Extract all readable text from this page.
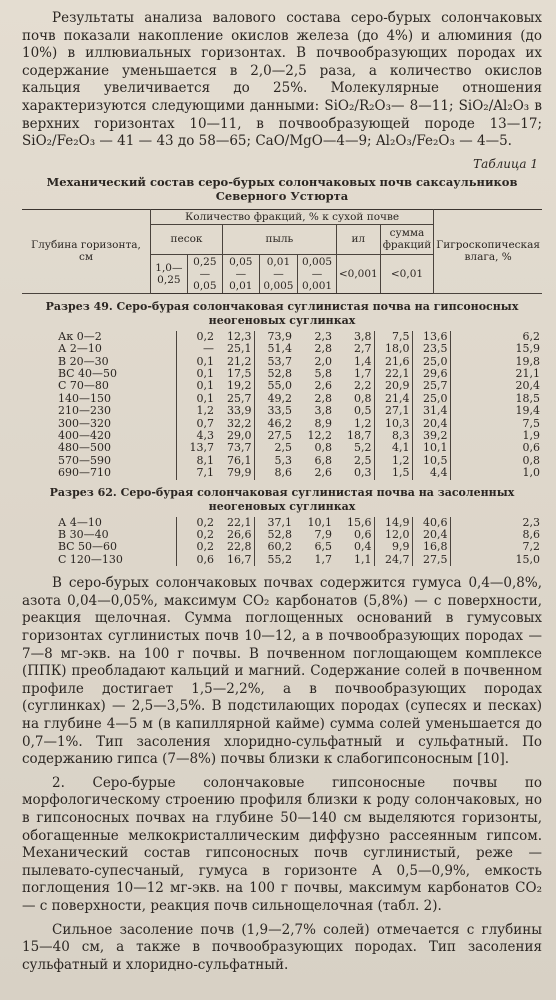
Результаты анализа валового состава серо-бурых солончаковых почв показали накопление окислов железа (до 4%) и алюминия (до 10%) в иллювиальных горизонтах. В почвообразующих породах их содержание уменьшается в 2,0—2,5 раза, а количество окислов кальция увеличивается до 25%. Молекулярные отношения характеризуются следующими данными: SiO₂/R₂O₃— 8—11; SiO₂/Al₂O₃ в верхних горизонтах 10—11, в почвообразующей породе 13—17; SiO₂/Fe₂O₃ — 41 — 43 до 58—65; CaO/MgO—4—9; Al₂O₃/Fe₂O₃ — 4—5.

Таблица 1
Механический состав серо-бурых солончаковых почв саксаульников
Северного Устюрта
Глубина горизонта, см	Количество фракций, % к сухой почве							Гигроскопическая влага, %
	песок		пыль			ил	сумма фракций	
	1,0—0,25	0,25—0,05	0,05—0,01	0,01—0,005	0,005—0,001	<0,001	<0,01	
Разрез 49. Серо-бурая солончаковая суглинистая почва на гипсоносных неогеновых суглинках
Ак 0—2	0,2	12,3	73,9	2,3	3,8	7,5	13,6	6,2
А 2—10	—	25,1	51,4	2,8	2,7	18,0	23,5	15,9
В 20—30	0,1	21,2	53,7	2,0	1,4	21,6	25,0	19,8
ВС 40—50	0,1	17,5	52,8	5,8	1,7	22,1	29,6	21,1
С 70—80	0,1	19,2	55,0	2,6	2,2	20,9	25,7	20,4
140—150	0,1	25,7	49,2	2,8	0,8	21,4	25,0	18,5
210—230	1,2	33,9	33,5	3,8	0,5	27,1	31,4	19,4
300—320	0,7	32,2	46,2	8,9	1,2	10,3	20,4	7,5
400—420	4,3	29,0	27,5	12,2	18,7	8,3	39,2	1,9
480—500	13,7	73,7	2,5	0,8	5,2	4,1	10,1	0,6
570—590	8,1	76,1	5,3	6,8	2,5	1,2	10,5	0,8
690—710	7,1	79,9	8,6	2,6	0,3	1,5	4,4	1,0
Разрез 62. Серо-бурая солончаковая суглинистая почва на засоленных неогеновых суглинках
А 4—10	0,2	22,1	37,1	10,1	15,6	14,9	40,6	2,3
В 30—40	0,2	26,6	52,8	7,9	0,6	12,0	20,4	8,6
ВС 50—60	0,2	22,8	60,2	6,5	0,4	9,9	16,8	7,2
С 120—130	0,6	16,7	55,2	1,7	1,1	24,7	27,5	15,0

В серо-бурых солончаковых почвах содержится гумуса 0,4—0,8%, азота 0,04—0,05%, максимум CO₂ карбонатов (5,8%) — с поверхности, реакция щелочная. Сумма поглощенных оснований в гумусовых горизонтах суглинистых почв 10—12, а в почвообразующих породах — 7—8 мг-экв. на 100 г почвы. В почвенном поглощающем комплексе (ППК) преобладают кальций и магний. Содержание солей в почвенном профиле достигает 1,5—2,2%, а в почвообразующих породах (суглинках) — 2,5—3,5%. В подстилающих породах (супесях и песках) на глубине 4—5 м (в капиллярной кайме) сумма солей уменьшается до 0,7—1%. Тип засоления хлоридно-сульфатный и сульфатный. По содержанию гипса (7—8%) почвы близки к слабогипсоносным [10].

2. Серо-бурые солончаковые гипсоносные почвы по морфологическому строению профиля близки к роду солончаковых, но в гипсоносных почвах на глубине 50—140 см выделяются горизонты, обогащенные мелкокристаллическим диффузно рассеянным гипсом. Механический состав гипсоносных почв суглинистый, реже — пылевато-супесчаный, гумуса в горизонте А 0,5—0,9%, емкость поглощения 10—12 мг-экв. на 100 г почвы, максимум карбонатов CO₂ — с поверхности, реакция почв сильнощелочная (табл. 2).

Сильное засоление почв (1,9—2,7% солей) отмечается с глубины 15—40 см, а также в почвообразующих породах. Тип засоления сульфатный и хлоридно-сульфатный.
